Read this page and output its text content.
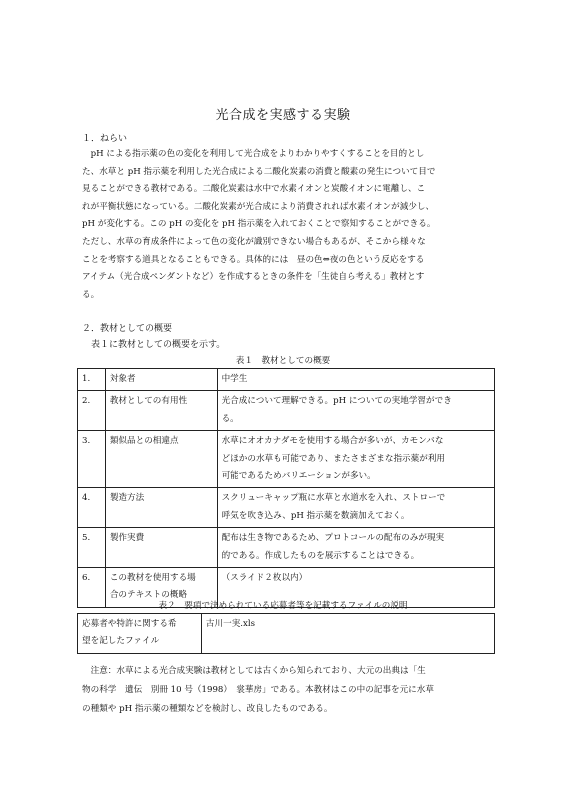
光合成を実感する実験
１．ねらい
　pH による指示薬の色の変化を利用して光合成をよりわかりやすくすることを目的とし
た、水草と pH 指示薬を利用した光合成による二酸化炭素の消費と酸素の発生について目で
見ることができる教材である。二酸化炭素は水中で水素イオンと炭酸イオンに電離し、こ
れが平衡状態になっている。二酸化炭素が光合成により消費されれば水素イオンが減少し、
pH が変化する。この pH の変化を pH 指示薬を入れておくことで察知することができる。
ただし、水草の育成条件によって色の変化が識別できない場合もあるが、そこから様々な
ことを考察する道具となることもできる。具体的には　昼の色⇔夜の色という反応をする
アイテム（光合成ペンダントなど）を作成するときの条件を「生徒自ら考える」教材とす
る。
２．教材としての概要
　表１に教材としての概要を示す。
表１　教材としての概要
1.	対象者	中学生

2.	教材としての有用性	光合成について理解できる。pH についての実地学習ができ
る。

3.	類似品との相違点	水草にオオカナダモを使用する場合が多いが、カモンバな
どほかの水草も可能であり、またさまざまな指示薬が利用
可能であるためバリエーションが多い。

4.	製造方法	スクリューキャップ瓶に水草と水道水を入れ、ストローで
呼気を吹き込み、pH 指示薬を数滴加えておく。

5.	製作実費	配布は生き物であるため、プロトコールの配布のみが現実
的である。作成したものを展示することはできる。

6.	この教材を使用する場
合のテキストの概略	（スライド２枚以内）
表２　要項で決められている応募者等を記載するファイルの説明
応募者や特許に関する希
望を記したファイル
	古川一実.xls
　注意：水草による光合成実験は教材としては古くから知られており、大元の出典は「生
物の科学　遺伝　別冊 10 号（1998）　裳華房」である。本教材はこの中の記事を元に水草
の種類や pH 指示薬の種類などを検討し、改良したものである。
